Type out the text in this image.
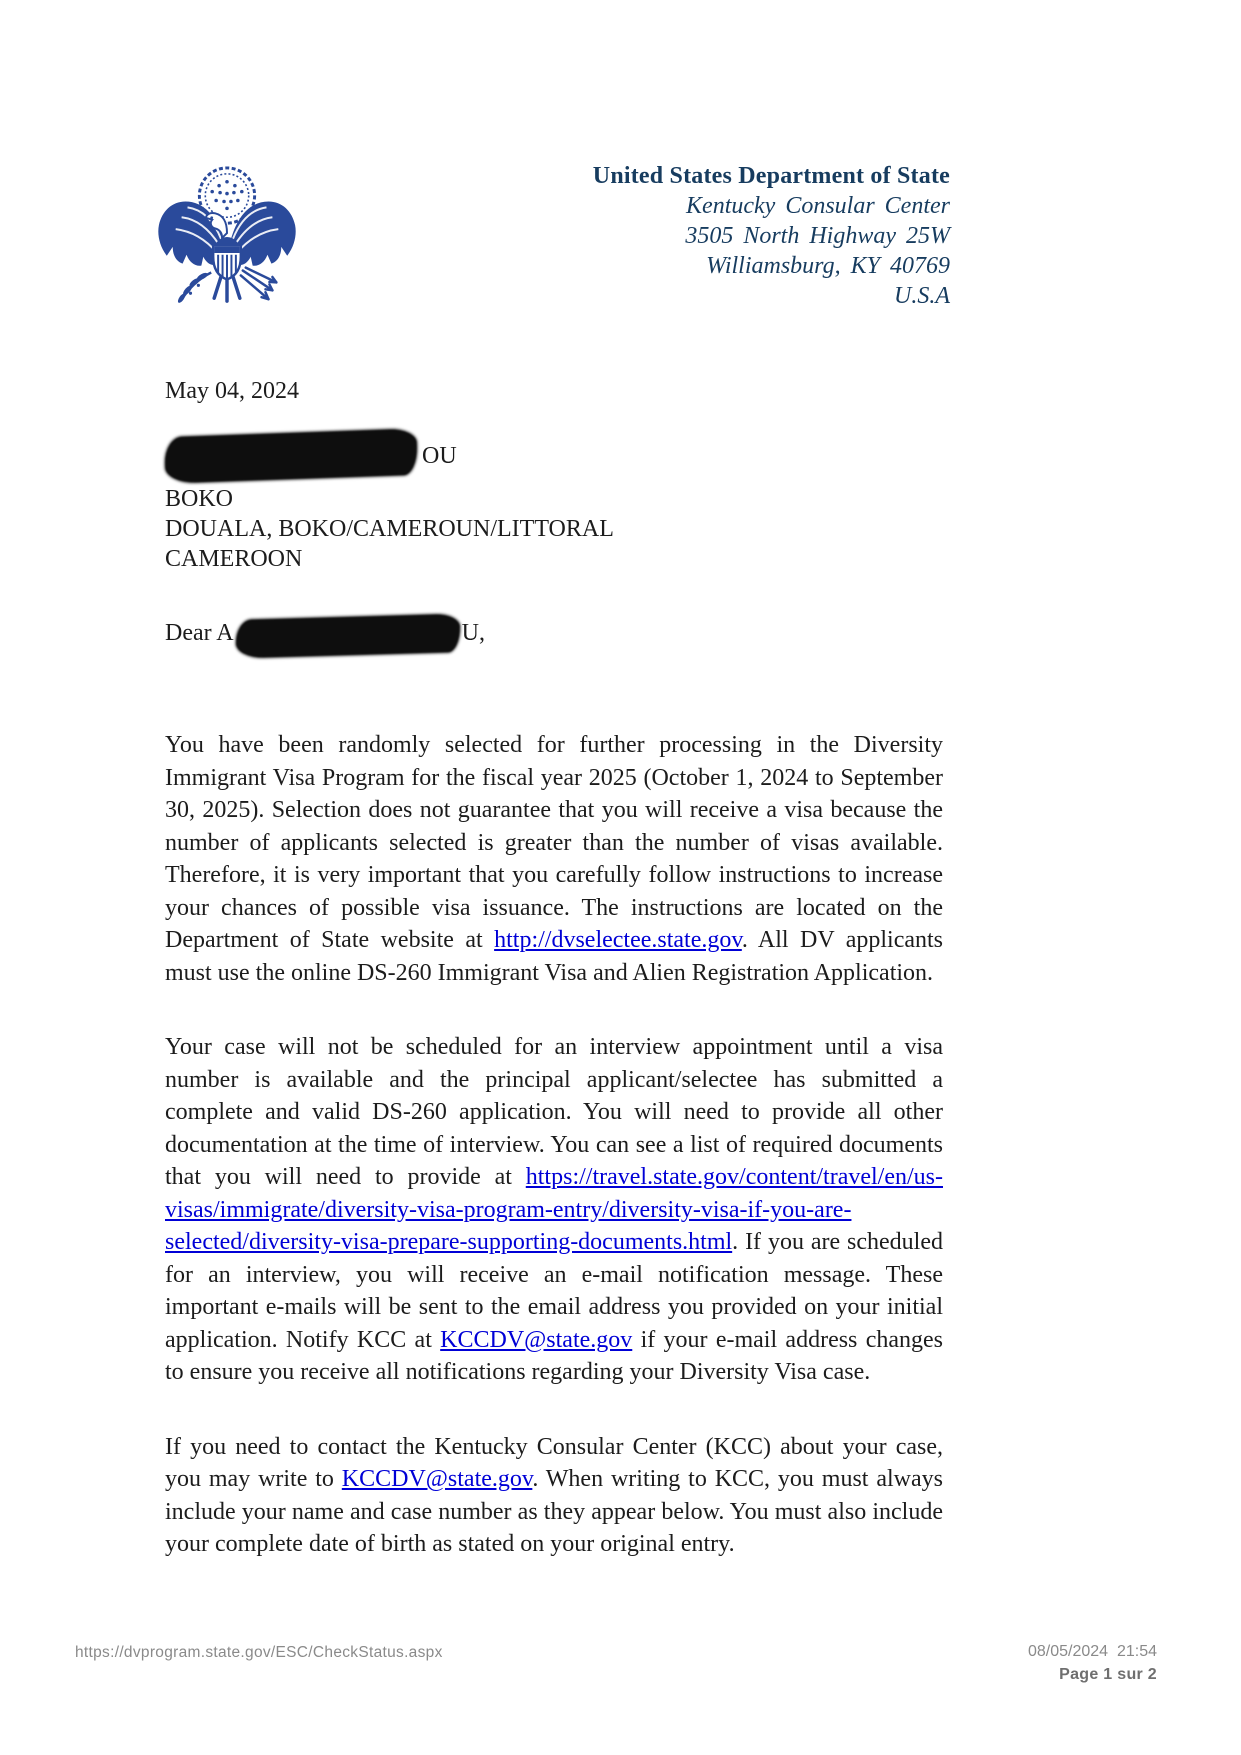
United States Department of State
Kentucky Consular Center
3505 North Highway 25W
Williamsburg, KY 40769
U.S.A
May 04, 2024
OU
BOKO
DOUALA, BOKO/CAMEROUN/LITTORAL
CAMEROON
Dear A	U,

You have been randomly selected for further processing in the Diversity Immigrant Visa Program for the fiscal year 2025 (October 1, 2024 to September 30, 2025). Selection does not guarantee that you will receive a visa because the number of applicants selected is greater than the number of visas available. Therefore, it is very important that you carefully follow instructions to increase your chances of possible visa issuance. The instructions are located on the Department of State website at http://dvselectee.state.gov. All DV applicants must use the online DS-260 Immigrant Visa and Alien Registration Application.

Your case will not be scheduled for an interview appointment until a visa number is available and the principal applicant/selectee has submitted a complete and valid DS-260 application. You will need to provide all other documentation at the time of interview. You can see a list of required documents that you will need to provide at https://travel.state.gov/content/travel/en/us-visas/immigrate/diversity-visa-program-entry/diversity-visa-if-you-are-selected/diversity-visa-prepare-supporting-documents.html. If you are scheduled for an interview, you will receive an e-mail notification message. These important e-mails will be sent to the email address you provided on your initial application. Notify KCC at KCCDV@state.gov if your e-mail address changes to ensure you receive all notifications regarding your Diversity Visa case.

If you need to contact the Kentucky Consular Center (KCC) about your case, you may write to KCCDV@state.gov. When writing to KCC, you must always include your name and case number as they appear below. You must also include your complete date of birth as stated on your original entry.

https://dvprogram.state.gov/ESC/CheckStatus.aspx	08/05/2024  21:54
Page 1 sur 2
